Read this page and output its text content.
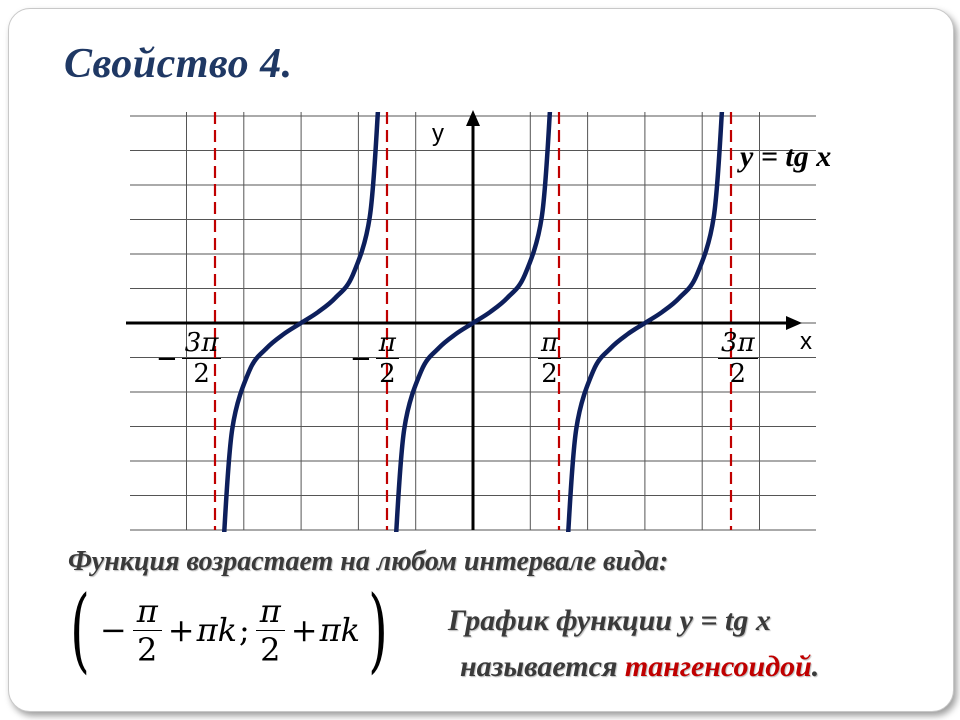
Свойство 4.
y
x
y = tg x
− $\frac{3\pi}{2}$	− $\frac{\pi}{2}$	$\frac{\pi}{2}$	$\frac{3\pi}{2}$

Функция возрастает на любом интервале вида:

( −
π
2
+ πk ;
π
2
+ πk ) График функции у = tg x
называется тангенсоидой.
